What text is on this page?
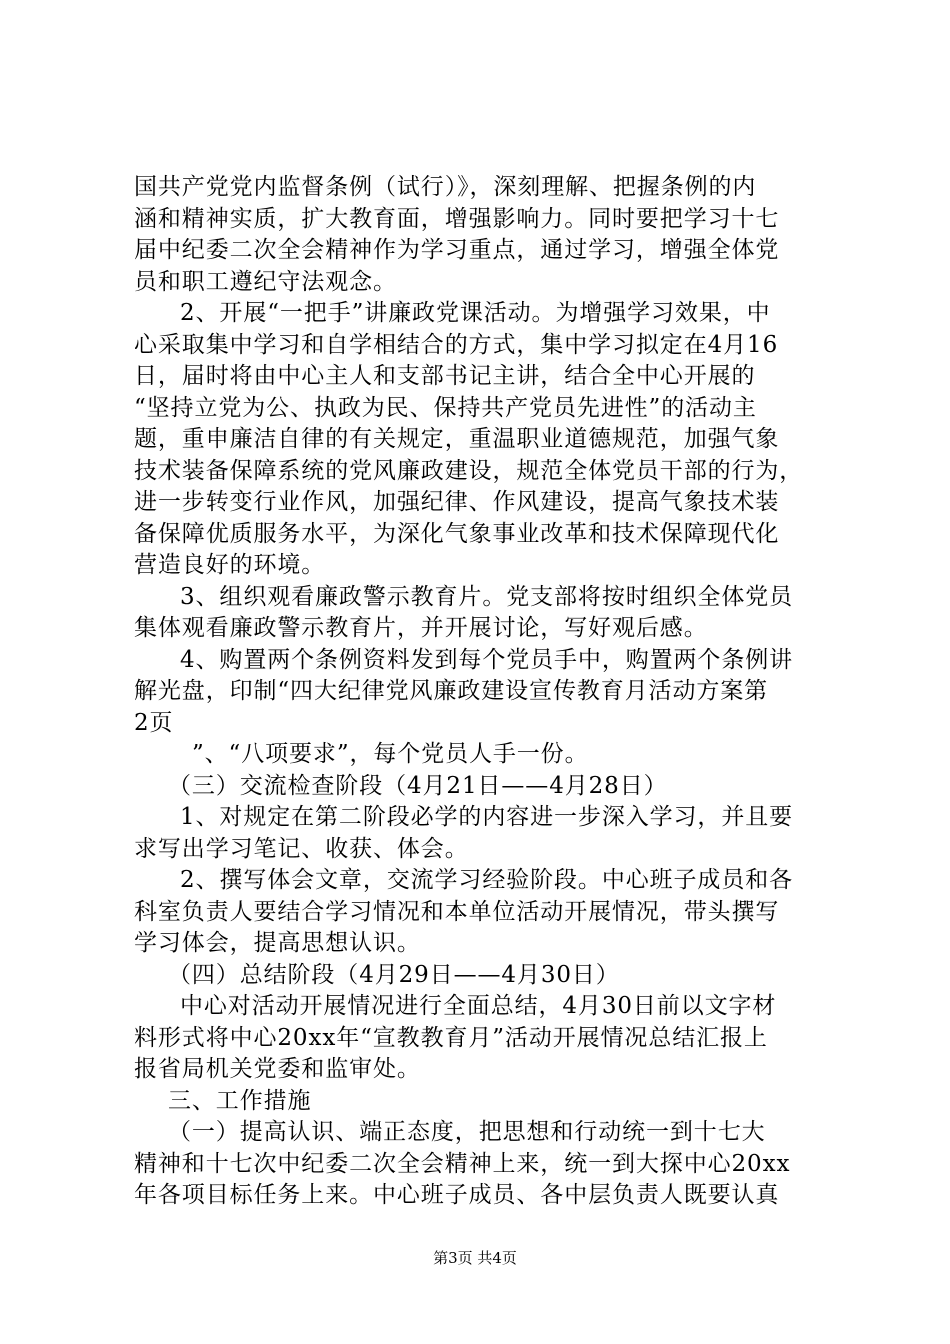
国共产党党内监督条例（试行）》，深刻理解、把握条例的内
涵和精神实质，扩大教育面，增强影响力。同时要把学习十七
届中纪委二次全会精神作为学习重点，通过学习，增强全体党
员和职工遵纪守法观念。
2、开展“一把手”讲廉政党课活动。为增强学习效果，中
心采取集中学习和自学相结合的方式，集中学习拟定在4月16
日，届时将由中心主人和支部书记主讲，结合全中心开展的
“坚持立党为公、执政为民、保持共产党员先进性”的活动主
题，重申廉洁自律的有关规定，重温职业道德规范，加强气象
技术装备保障系统的党风廉政建设，规范全体党员干部的行为，
进一步转变行业作风，加强纪律、作风建设，提高气象技术装
备保障优质服务水平，为深化气象事业改革和技术保障现代化
营造良好的环境。
3、组织观看廉政警示教育片。党支部将按时组织全体党员
集体观看廉政警示教育片，并开展讨论，写好观后感。
4、购置两个条例资料发到每个党员手中，购置两个条例讲
解光盘，印制“四大纪律党风廉政建设宣传教育月活动方案第
2页
”、“八项要求”，每个党员人手一份。
（三）交流检查阶段（4月21日——4月28日）
1、对规定在第二阶段必学的内容进一步深入学习，并且要
求写出学习笔记、收获、体会。
2、撰写体会文章，交流学习经验阶段。中心班子成员和各
科室负责人要结合学习情况和本单位活动开展情况，带头撰写
学习体会，提高思想认识。
（四）总结阶段（4月29日——4月30日）
中心对活动开展情况进行全面总结，4月30日前以文字材
料形式将中心20xx年“宣教教育月”活动开展情况总结汇报上
报省局机关党委和监审处。
三、工作措施
（一）提高认识、端正态度，把思想和行动统一到十七大
精神和十七次中纪委二次全会精神上来，统一到大探中心20xx
年各项目标任务上来。中心班子成员、各中层负责人既要认真
第3页 共4页
